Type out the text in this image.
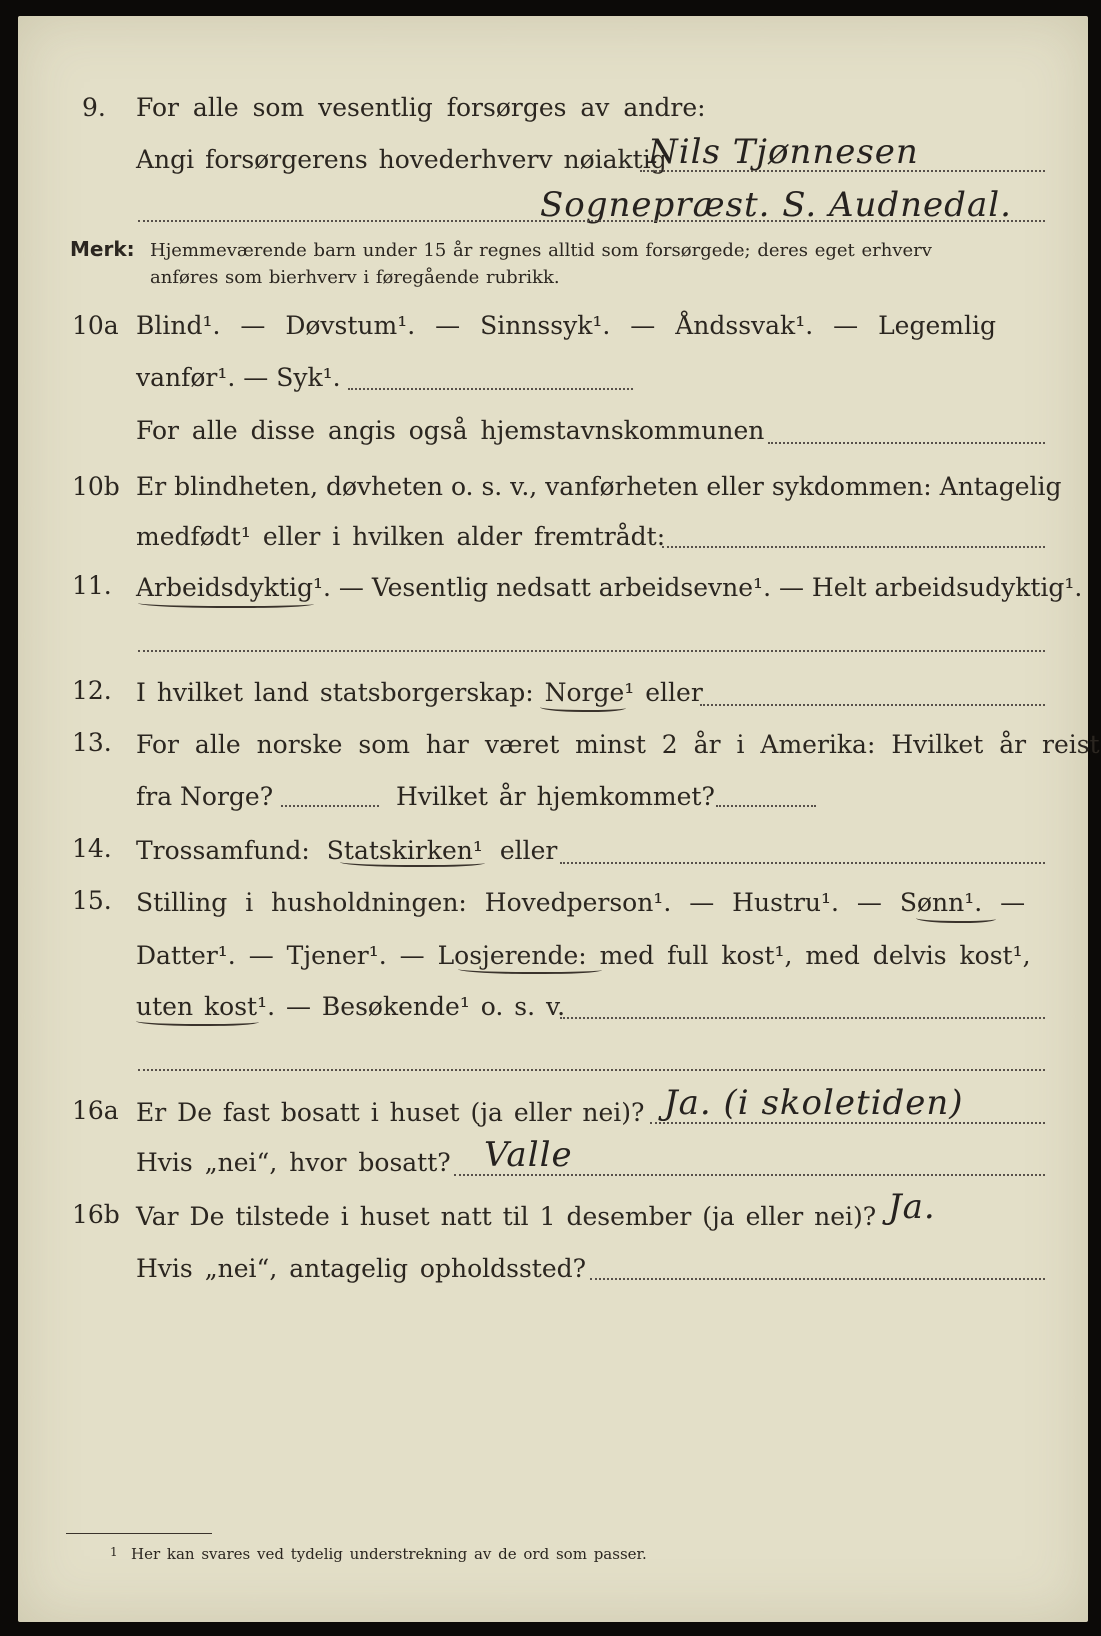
9. For alle som vesentlig forsørges av andre:
Angi forsørgerens hovederhverv nøiaktig
Nils Tjønnesen
Sognepræst. S. Audnedal.
Merk: Hjemmeværende barn under 15 år regnes alltid som forsørgede; deres eget erhverv
anføres som bierhverv i føregående rubrikk.
10a Blind¹. — Døvstum¹. — Sinnssyk¹. — Åndssvak¹. — Legemlig
vanfør¹. — Syk¹.
For alle disse angis også hjemstavnskommunen
10b Er blindheten, døvheten o. s. v., vanførheten eller sykdommen: Antagelig
medfødt¹ eller i hvilken alder fremtrådt:
11. Arbeidsdyktig¹. — Vesentlig nedsatt arbeidsevne¹. — Helt arbeidsudyktig¹.
12. I hvilket land statsborgerskap: Norge¹ eller
13. For alle norske som har været minst 2 år i Amerika: Hvilket år reist
fra Norge?	Hvilket år hjemkommet?
14. Trossamfund: Statskirken¹ eller
15. Stilling i husholdningen: Hovedperson¹. — Hustru¹. — Sønn¹. —
Datter¹. — Tjener¹. — Losjerende: med full kost¹, med delvis kost¹,
uten kost¹. — Besøkende¹ o. s. v.
16a Er De fast bosatt i huset (ja eller nei)? Ja. (i skoletiden)
Hvis „nei“, hvor bosatt? Valle
16b Var De tilstede i huset natt til 1 desember (ja eller nei)? Ja.
Hvis „nei“, antagelig opholdssted?
1 Her kan svares ved tydelig understrekning av de ord som passer.
